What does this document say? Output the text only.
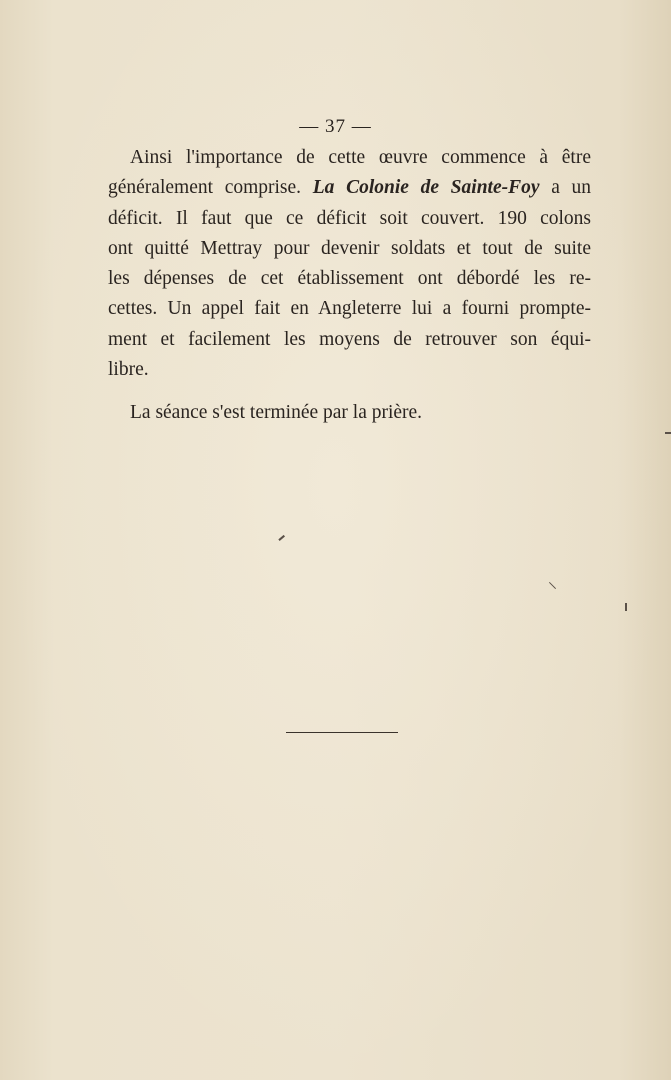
— 37 —
Ainsi l'importance de cette œuvre commence à être
généralement comprise. La Colonie de Sainte-Foy a un
déficit. Il faut que ce déficit soit couvert. 190 colons
ont quitté Mettray pour devenir soldats et tout de suite
les dépenses de cet établissement ont débordé les re-
cettes. Un appel fait en Angleterre lui a fourni prompte-
ment et facilement les moyens de retrouver son équi-
libre.
La séance s'est terminée par la prière.
